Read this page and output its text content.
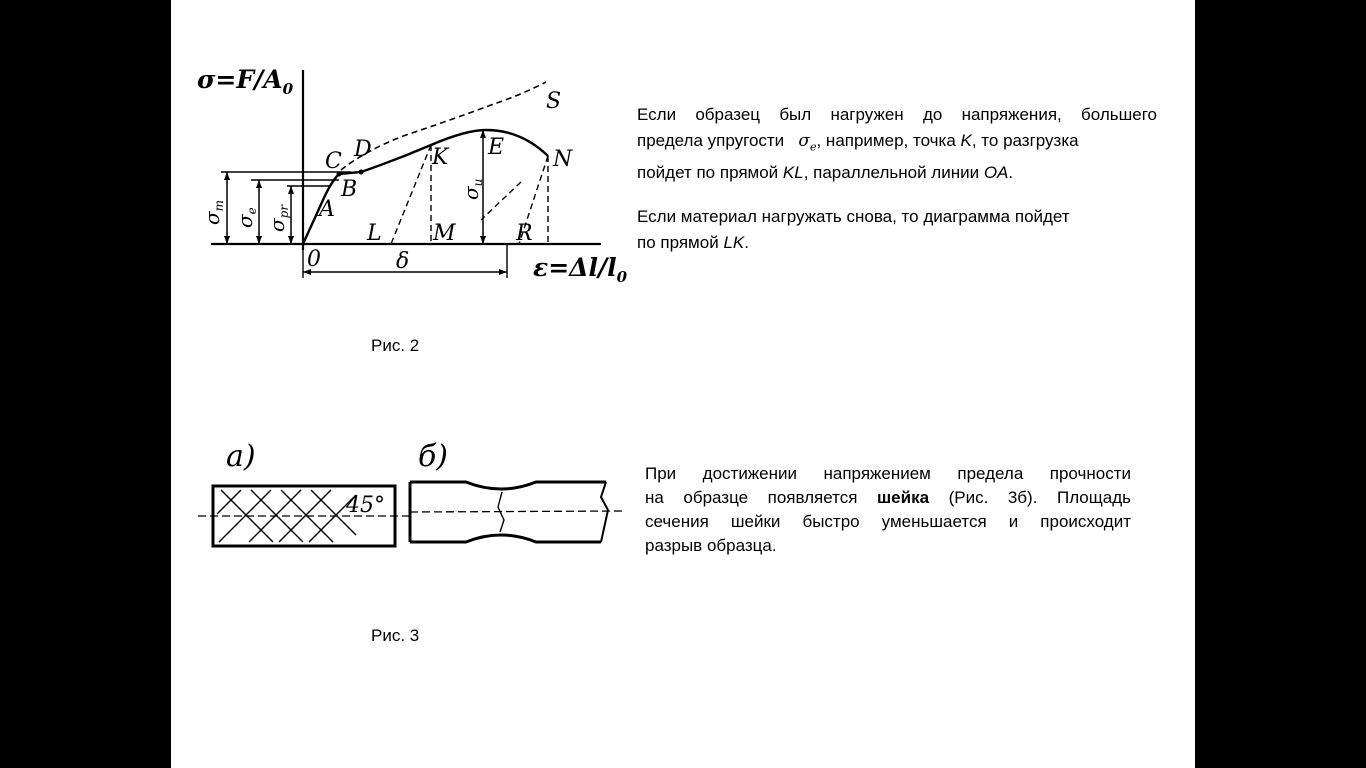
$\sigma=F/A_0$
$\varepsilon=\Delta l/l_0$
0
A
B
C D	K E N
S
L M	R
δ
$\sigma_т$
$\sigma_e$
$\sigma_{pr}$
$\sigma_u$
Рис. 2
Если образец был нагружен до напряжения, большего
предела упругости $\sigma_e$, например, точка K, то разгрузка
пойдет по прямой KL, параллельной линии OA.
Если материал нагружать снова, то диаграмма пойдет
по прямой LK.
a)	б)
45°
Рис. 3
При достижении напряжением предела прочности
на образце появляется шейка (Рис. 3б). Площадь
сечения шейки быстро уменьшается и происходит
разрыв образца.
